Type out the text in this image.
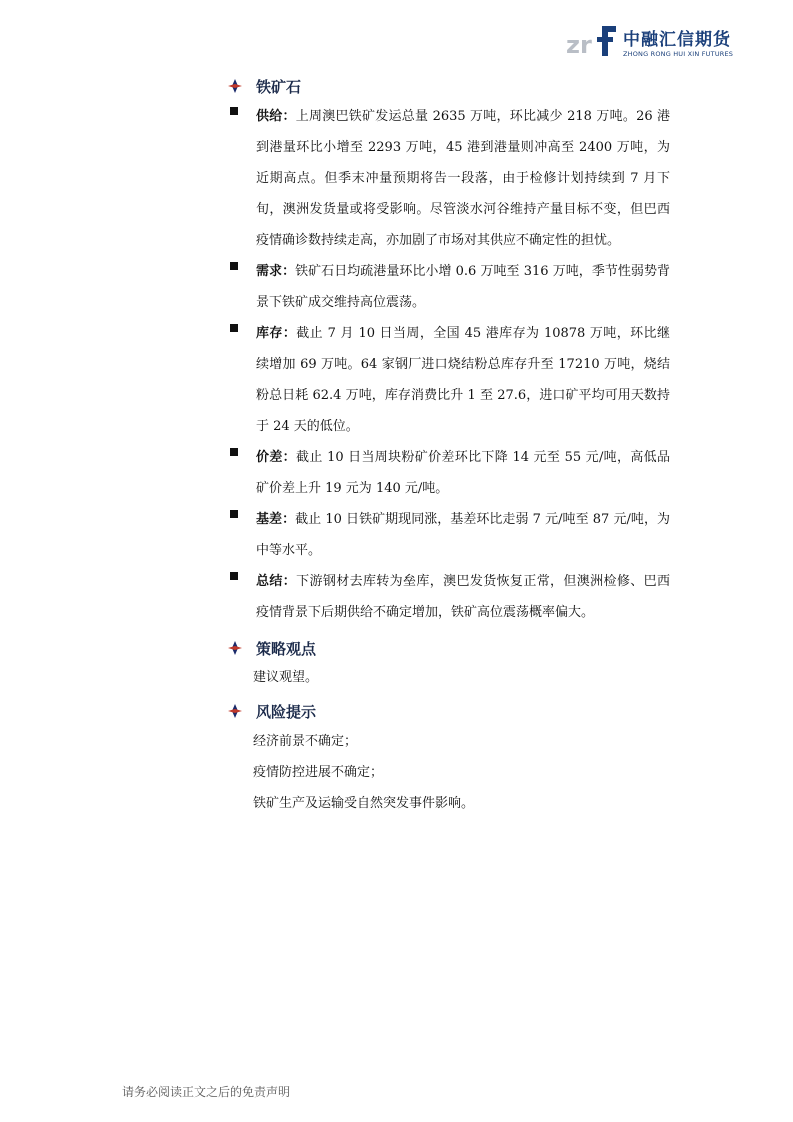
zr 中融汇信期货
ZHONG RONG HUI XIN FUTURES
铁矿石
供给：上周澳巴铁矿发运总量 2635 万吨，环比减少 218 万吨。26 港到港量环比小增至 2293 万吨，45 港到港量则冲高至 2400 万吨，为近期高点。但季末冲量预期将告一段落，由于检修计划持续到 7 月下旬，澳洲发货量或将受影响。尽管淡水河谷维持产量目标不变，但巴西疫情确诊数持续走高，亦加剧了市场对其供应不确定性的担忧。
需求：铁矿石日均疏港量环比小增 0.6 万吨至 316 万吨，季节性弱势背景下铁矿成交维持高位震荡。
库存：截止 7 月 10 日当周，全国 45 港库存为 10878 万吨，环比继续增加 69 万吨。64 家钢厂进口烧结粉总库存升至 17210 万吨，烧结粉总日耗 62.4 万吨，库存消费比升 1 至 27.6，进口矿平均可用天数持于 24 天的低位。
价差：截止 10 日当周块粉矿价差环比下降 14 元至 55 元/吨，高低品矿价差上升 19 元为 140 元/吨。
基差：截止 10 日铁矿期现同涨，基差环比走弱 7 元/吨至 87 元/吨，为中等水平。
总结：下游钢材去库转为垒库，澳巴发货恢复正常，但澳洲检修、巴西疫情背景下后期供给不确定增加，铁矿高位震荡概率偏大。
策略观点
建议观望。
风险提示
经济前景不确定；
疫情防控进展不确定；
铁矿生产及运输受自然突发事件影响。
请务必阅读正文之后的免责声明
